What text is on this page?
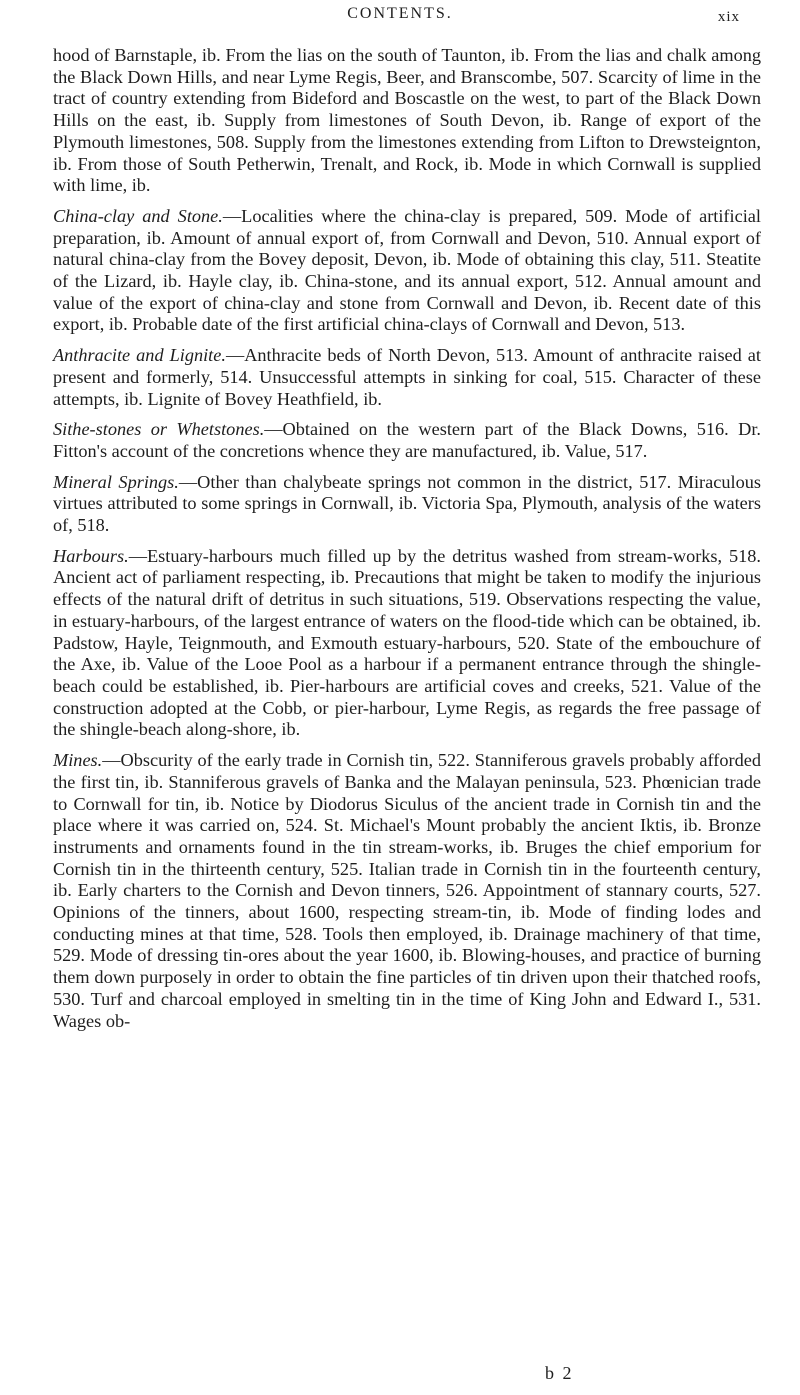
CONTENTS.	xix

hood of Barnstaple, ib. From the lias on the south of Taunton, ib. From the lias and chalk among the Black Down Hills, and near Lyme Regis, Beer, and Branscombe, 507. Scarcity of lime in the tract of country extending from Bideford and Boscastle on the west, to part of the Black Down Hills on the east, ib. Supply from limestones of South Devon, ib. Range of export of the Plymouth limestones, 508. Supply from the limestones extending from Lifton to Drewsteignton, ib. From those of South Petherwin, Trenalt, and Rock, ib. Mode in which Cornwall is supplied with lime, ib.

China-clay and Stone.—Localities where the china-clay is prepared, 509. Mode of artificial preparation, ib. Amount of annual export of, from Cornwall and Devon, 510. Annual export of natural china-clay from the Bovey deposit, Devon, ib. Mode of obtaining this clay, 511. Steatite of the Lizard, ib. Hayle clay, ib. China-stone, and its annual export, 512. Annual amount and value of the export of china-clay and stone from Cornwall and Devon, ib. Recent date of this export, ib. Probable date of the first artificial china-clays of Cornwall and Devon, 513.

Anthracite and Lignite.—Anthracite beds of North Devon, 513. Amount of anthracite raised at present and formerly, 514. Unsuccessful attempts in sinking for coal, 515. Character of these attempts, ib. Lignite of Bovey Heathfield, ib.

Sithe-stones or Whetstones.—Obtained on the western part of the Black Downs, 516. Dr. Fitton's account of the concretions whence they are manufactured, ib. Value, 517.

Mineral Springs.—Other than chalybeate springs not common in the district, 517. Miraculous virtues attributed to some springs in Cornwall, ib. Victoria Spa, Plymouth, analysis of the waters of, 518.

Harbours.—Estuary-harbours much filled up by the detritus washed from stream-works, 518. Ancient act of parliament respecting, ib. Precautions that might be taken to modify the injurious effects of the natural drift of detritus in such situations, 519. Observations respecting the value, in estuary-harbours, of the largest entrance of waters on the flood-tide which can be obtained, ib. Padstow, Hayle, Teignmouth, and Exmouth estuary-harbours, 520. State of the embouchure of the Axe, ib. Value of the Looe Pool as a harbour if a permanent entrance through the shingle-beach could be established, ib. Pier-harbours are artificial coves and creeks, 521. Value of the construction adopted at the Cobb, or pier-harbour, Lyme Regis, as regards the free passage of the shingle-beach along-shore, ib.

Mines.—Obscurity of the early trade in Cornish tin, 522. Stanniferous gravels probably afforded the first tin, ib. Stanniferous gravels of Banka and the Malayan peninsula, 523. Phœnician trade to Cornwall for tin, ib. Notice by Diodorus Siculus of the ancient trade in Cornish tin and the place where it was carried on, 524. St. Michael's Mount probably the ancient Iktis, ib. Bronze instruments and ornaments found in the tin stream-works, ib. Bruges the chief emporium for Cornish tin in the thirteenth century, 525. Italian trade in Cornish tin in the fourteenth century, ib. Early charters to the Cornish and Devon tinners, 526. Appointment of stannary courts, 527. Opinions of the tinners, about 1600, respecting stream-tin, ib. Mode of finding lodes and conducting mines at that time, 528. Tools then employed, ib. Drainage machinery of that time, 529. Mode of dressing tin-ores about the year 1600, ib. Blowing-houses, and practice of burning them down purposely in order to obtain the fine particles of tin driven upon their thatched roofs, 530. Turf and charcoal employed in smelting tin in the time of King John and Edward I., 531. Wages ob-

b 2
